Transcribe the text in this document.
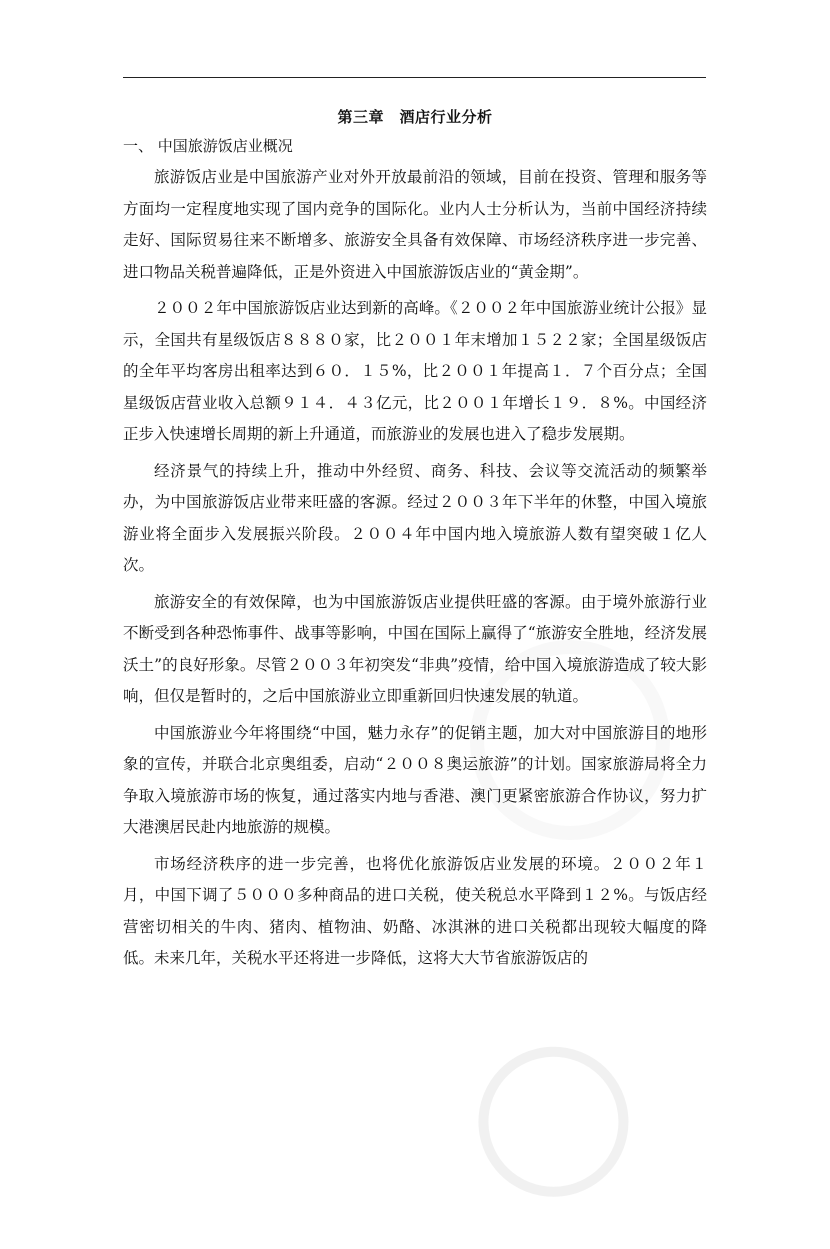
第三章　酒店行业分析

一、 中国旅游饭店业概况

旅游饭店业是中国旅游产业对外开放最前沿的领域，目前在投资、管理和服务等方面均一定程度地实现了国内竞争的国际化。业内人士分析认为，当前中国经济持续走好、国际贸易往来不断增多、旅游安全具备有效保障、市场经济秩序进一步完善、进口物品关税普遍降低，正是外资进入中国旅游饭店业的“黄金期”。

２００２年中国旅游饭店业达到新的高峰。《２００２年中国旅游业统计公报》显示，全国共有星级饭店８８８０家，比２００１年末增加１５２２家；全国星级饭店的全年平均客房出租率达到６０．１５%，比２００１年提高１．７个百分点；全国星级饭店营业收入总额９１４．４３亿元，比２００１年增长１９．８%。中国经济正步入快速增长周期的新上升通道，而旅游业的发展也进入了稳步发展期。

经济景气的持续上升，推动中外经贸、商务、科技、会议等交流活动的频繁举办，为中国旅游饭店业带来旺盛的客源。经过２００３年下半年的休整，中国入境旅游业将全面步入发展振兴阶段。２００４年中国内地入境旅游人数有望突破１亿人次。

旅游安全的有效保障，也为中国旅游饭店业提供旺盛的客源。由于境外旅游行业不断受到各种恐怖事件、战事等影响，中国在国际上赢得了“旅游安全胜地，经济发展沃土”的良好形象。尽管２００３年初突发“非典”疫情，给中国入境旅游造成了较大影响，但仅是暂时的，之后中国旅游业立即重新回归快速发展的轨道。

中国旅游业今年将围绕“中国，魅力永存”的促销主题，加大对中国旅游目的地形象的宣传，并联合北京奥组委，启动“２００８奥运旅游”的计划。国家旅游局将全力争取入境旅游市场的恢复，通过落实内地与香港、澳门更紧密旅游合作协议，努力扩大港澳居民赴内地旅游的规模。

市场经济秩序的进一步完善，也将优化旅游饭店业发展的环境。２００２年１月，中国下调了５０００多种商品的进口关税，使关税总水平降到１２%。与饭店经营密切相关的牛肉、猪肉、植物油、奶酪、冰淇淋的进口关税都出现较大幅度的降低。未来几年，关税水平还将进一步降低，这将大大节省旅游饭店的
